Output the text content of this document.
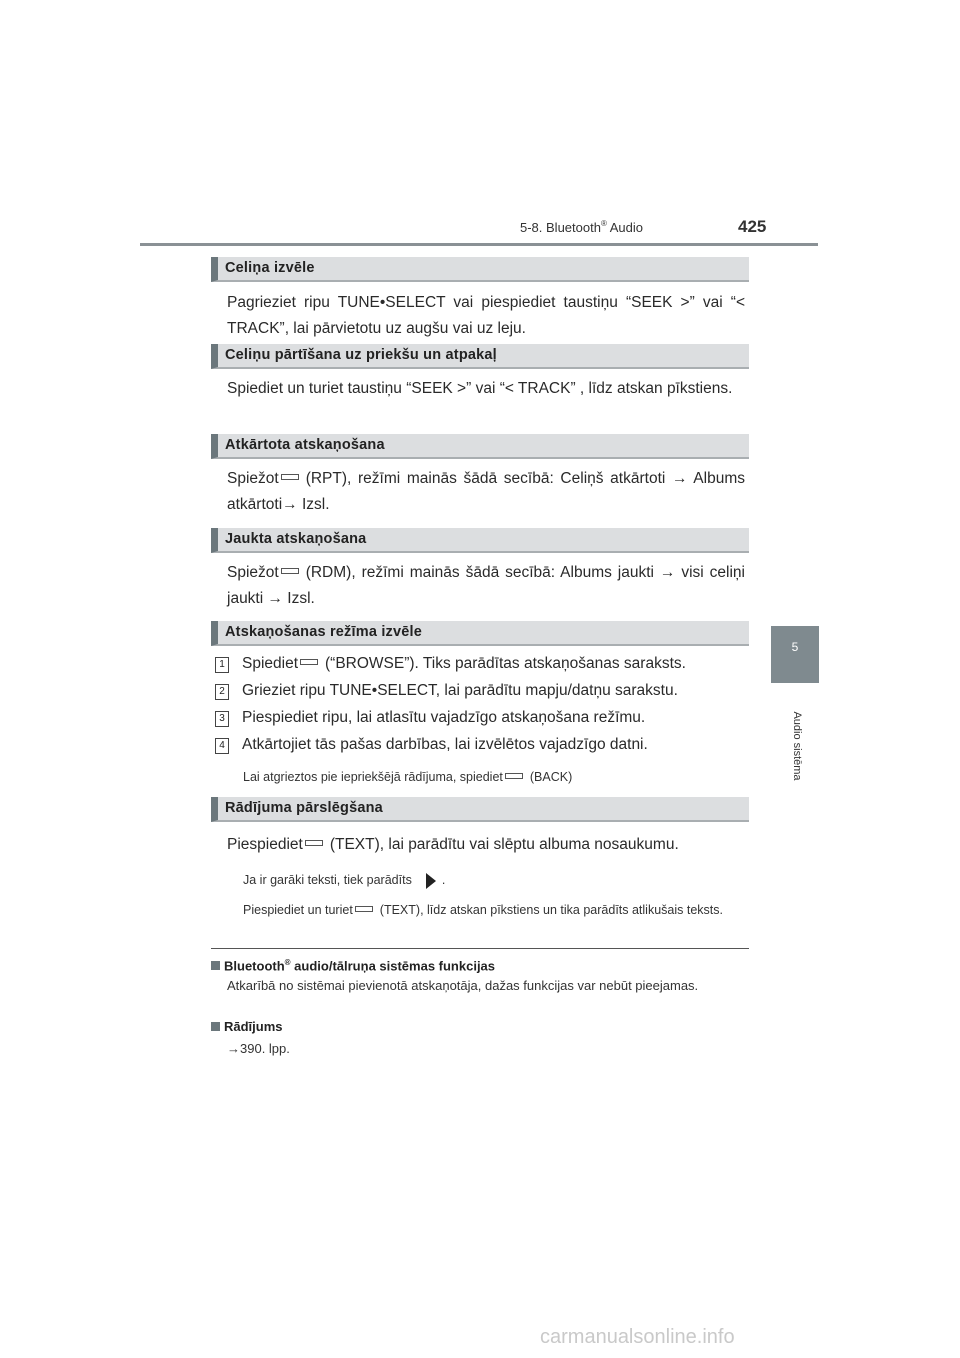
5-8. Bluetooth® Audio	425
5
Audio sistēma
Celiņa izvēle
Pagrieziet ripu TUNE•SELECT vai piespiediet taustiņu “SEEK >” vai “< TRACK”, lai pārvietotu uz augšu vai uz leju.
Celiņu pārtīšana uz priekšu un atpakaļ
Spiediet un turiet taustiņu “SEEK >” vai “< TRACK” , līdz atskan pīkstiens.
Atkārtota atskaņošana
Spiežot (RPT), režīmi mainās šādā secībā: Celiņš atkārtoti → Albums atkārtoti→ Izsl.
Jaukta atskaņošana
Spiežot (RDM), režīmi mainās šādā secībā: Albums jaukti → visi celiņi jaukti → Izsl.
Atskaņošanas režīma izvēle
1 Spiediet (“BROWSE”). Tiks parādītas atskaņošanas saraksts.
2 Grieziet ripu TUNE•SELECT, lai parādītu mapju/datņu sarakstu.
3 Piespiediet ripu, lai atlasītu vajadzīgo atskaņošana režīmu.
4 Atkārtojiet tās pašas darbības, lai izvēlētos vajadzīgo datni.
Lai atgrieztos pie iepriekšējā rādījuma, spiediet (BACK)
Rādījuma pārslēgšana
Piespiediet (TEXT), lai parādītu vai slēptu albuma nosaukumu.
Ja ir garāki teksti, tiek parādīts .
Piespiediet un turiet (TEXT), līdz atskan pīkstiens un tika parādīts atlikušais teksts.
Bluetooth® audio/tālruņa sistēmas funkcijas
Atkarībā no sistēmai pievienotā atskaņotāja, dažas funkcijas var nebūt pieejamas.
Rādījums
→390. lpp.
carmanualsonline.info
